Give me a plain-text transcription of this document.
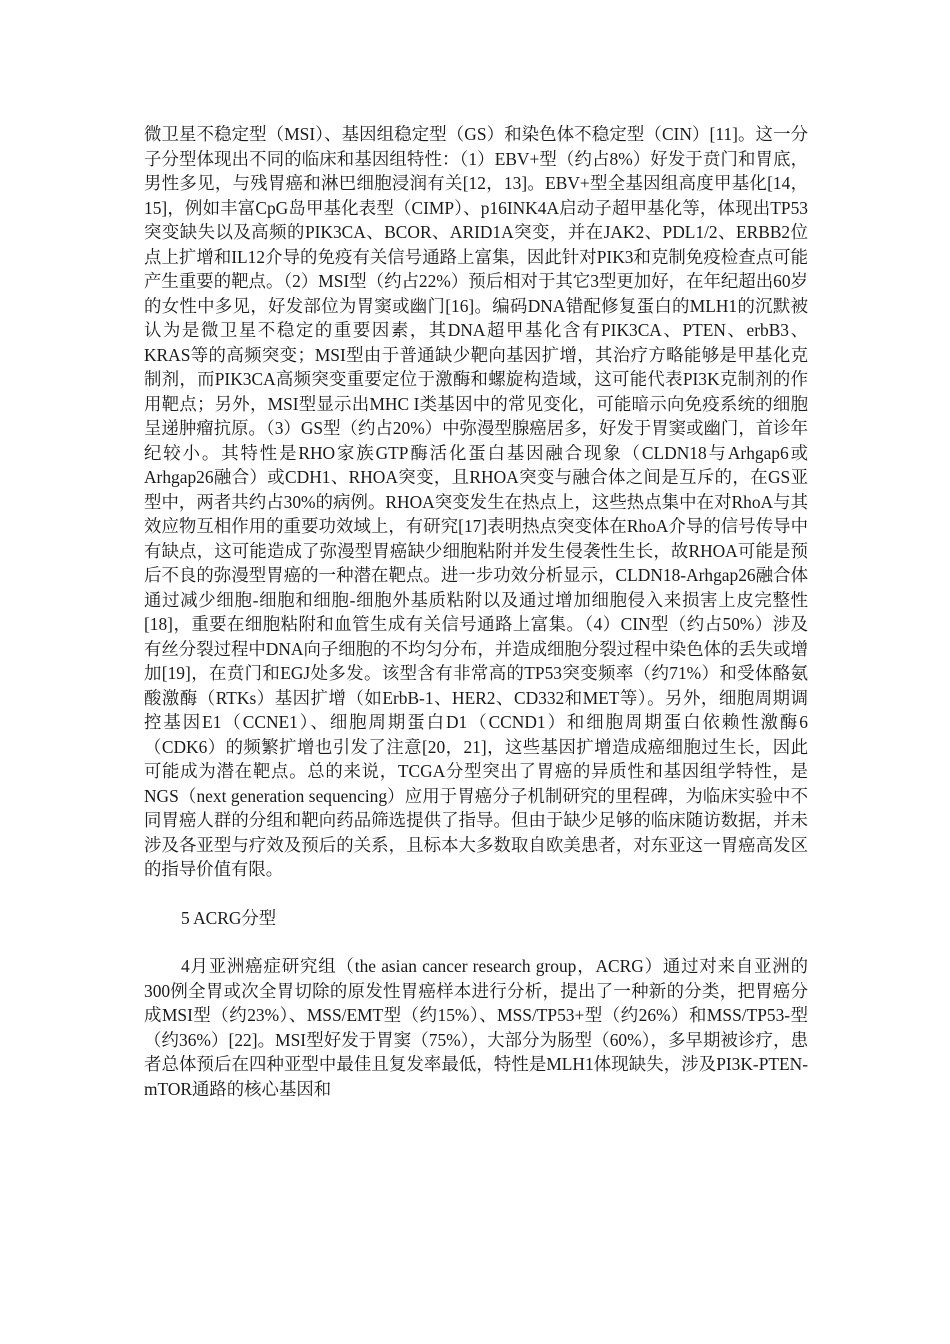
微卫星不稳定型（MSI）、基因组稳定型（GS）和染色体不稳定型（CIN）[11]。这一分子分型体现出不同的临床和基因组特性：（1）EBV+型（约占8%）好发于贲门和胃底，男性多见，与残胃癌和淋巴细胞浸润有关[12，13]。EBV+型全基因组高度甲基化[14，15]，例如丰富CpG岛甲基化表型（CIMP）、p16INK4A启动子超甲基化等，体现出TP53突变缺失以及高频的PIK3CA、BCOR、ARID1A突变，并在JAK2、PDL1/2、ERBB2位点上扩增和IL12介导的免疫有关信号通路上富集，因此针对PIK3和克制免疫检查点可能产生重要的靶点。（2）MSI型（约占22%）预后相对于其它3型更加好，在年纪超出60岁的女性中多见，好发部位为胃窦或幽门[16]。编码DNA错配修复蛋白的MLH1的沉默被认为是微卫星不稳定的重要因素，其DNA超甲基化含有PIK3CA、PTEN、erbB3、KRAS等的高频突变；MSI型由于普通缺少靶向基因扩增，其治疗方略能够是甲基化克制剂，而PIK3CA高频突变重要定位于激酶和螺旋构造域，这可能代表PI3K克制剂的作用靶点；另外，MSI型显示出MHC I类基因中的常见变化，可能暗示向免疫系统的细胞呈递肿瘤抗原。（3）GS型（约占20%）中弥漫型腺癌居多，好发于胃窦或幽门，首诊年纪较小。其特性是RHO家族GTP酶活化蛋白基因融合现象（CLDN18与Arhgap6或Arhgap26融合）或CDH1、RHOA突变，且RHOA突变与融合体之间是互斥的，在GS亚型中，两者共约占30%的病例。RHOA突变发生在热点上，这些热点集中在对RhoA与其效应物互相作用的重要功效域上，有研究[17]表明热点突变体在RhoA介导的信号传导中有缺点，这可能造成了弥漫型胃癌缺少细胞粘附并发生侵袭性生长，故RHOA可能是预后不良的弥漫型胃癌的一种潜在靶点。进一步功效分析显示，CLDN18-Arhgap26融合体通过减少细胞-细胞和细胞-细胞外基质粘附以及通过增加细胞侵入来损害上皮完整性[18]，重要在细胞粘附和血管生成有关信号通路上富集。（4）CIN型（约占50%）涉及有丝分裂过程中DNA向子细胞的不均匀分布，并造成细胞分裂过程中染色体的丢失或增加[19]，在贲门和EGJ处多发。该型含有非常高的TP53突变频率（约71%）和受体酪氨酸激酶（RTKs）基因扩增（如ErbB-1、HER2、CD332和MET等）。另外，细胞周期调控基因E1（CCNE1）、细胞周期蛋白D1（CCND1）和细胞周期蛋白依赖性激酶6（CDK6）的频繁扩增也引发了注意[20，21]，这些基因扩增造成癌细胞过生长，因此可能成为潜在靶点。总的来说，TCGA分型突出了胃癌的异质性和基因组学特性，是NGS（next generation sequencing）应用于胃癌分子机制研究的里程碑，为临床实验中不同胃癌人群的分组和靶向药品筛选提供了指导。但由于缺少足够的临床随访数据，并未涉及各亚型与疗效及预后的关系，且标本大多数取自欧美患者，对东亚这一胃癌高发区的指导价值有限。

5 ACRG分型

4月亚洲癌症研究组（the asian cancer research group，ACRG）通过对来自亚洲的300例全胃或次全胃切除的原发性胃癌样本进行分析，提出了一种新的分类，把胃癌分成MSI型（约23%）、MSS/EMT型（约15%）、MSS/TP53+型（约26%）和MSS/TP53-型（约36%）[22]。MSI型好发于胃窦（75%），大部分为肠型（60%），多早期被诊疗，患者总体预后在四种亚型中最佳且复发率最低，特性是MLH1体现缺失，涉及PI3K-PTEN-mTOR通路的核心基因和
